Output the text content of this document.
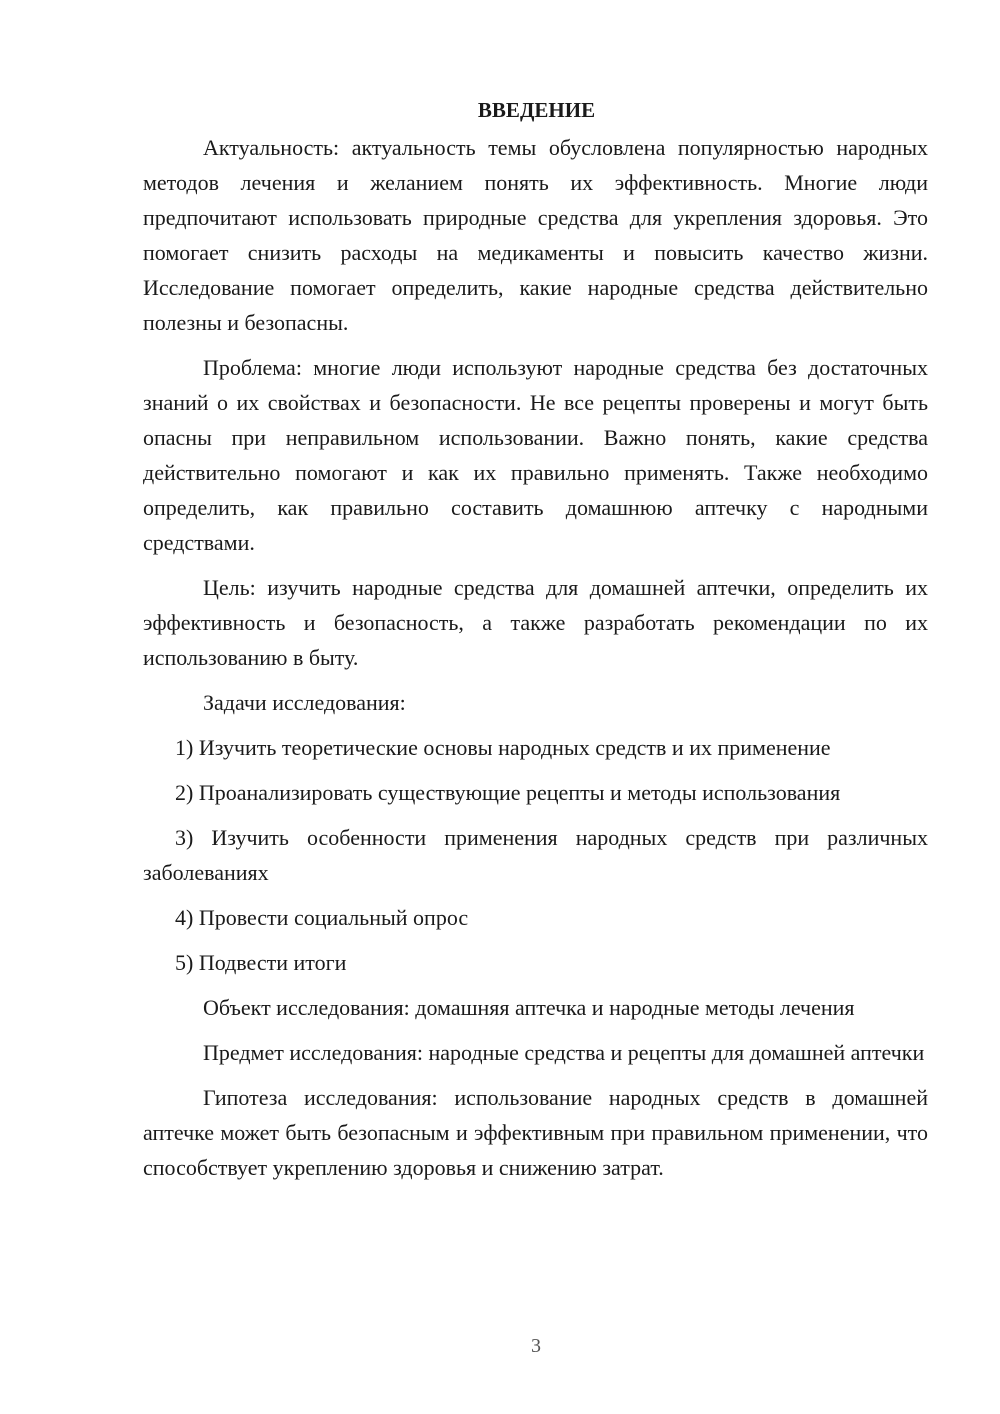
ВВЕДЕНИЕ

Актуальность: актуальность темы обусловлена популярностью народных методов лечения и желанием понять их эффективность. Многие люди предпочитают использовать природные средства для укрепления здоровья. Это помогает снизить расходы на медикаменты и повысить качество жизни. Исследование помогает определить, какие народные средства действительно полезны и безопасны.

Проблема: многие люди используют народные средства без достаточных знаний о их свойствах и безопасности. Не все рецепты проверены и могут быть опасны при неправильном использовании. Важно понять, какие средства действительно помогают и как их правильно применять. Также необходимо определить, как правильно составить домашнюю аптечку с народными средствами.

Цель: изучить народные средства для домашней аптечки, определить их эффективность и безопасность, а также разработать рекомендации по их использованию в быту.

Задачи исследования:

1) Изучить теоретические основы народных средств и их применение

2) Проанализировать существующие рецепты и методы использования

3) Изучить особенности применения народных средств при различных заболеваниях

4) Провести социальный опрос

5) Подвести итоги

Объект исследования: домашняя аптечка и народные методы лечения

Предмет исследования: народные средства и рецепты для домашней аптечки

Гипотеза исследования: использование народных средств в домашней аптечке может быть безопасным и эффективным при правильном применении, что способствует укреплению здоровья и снижению затрат.

3
